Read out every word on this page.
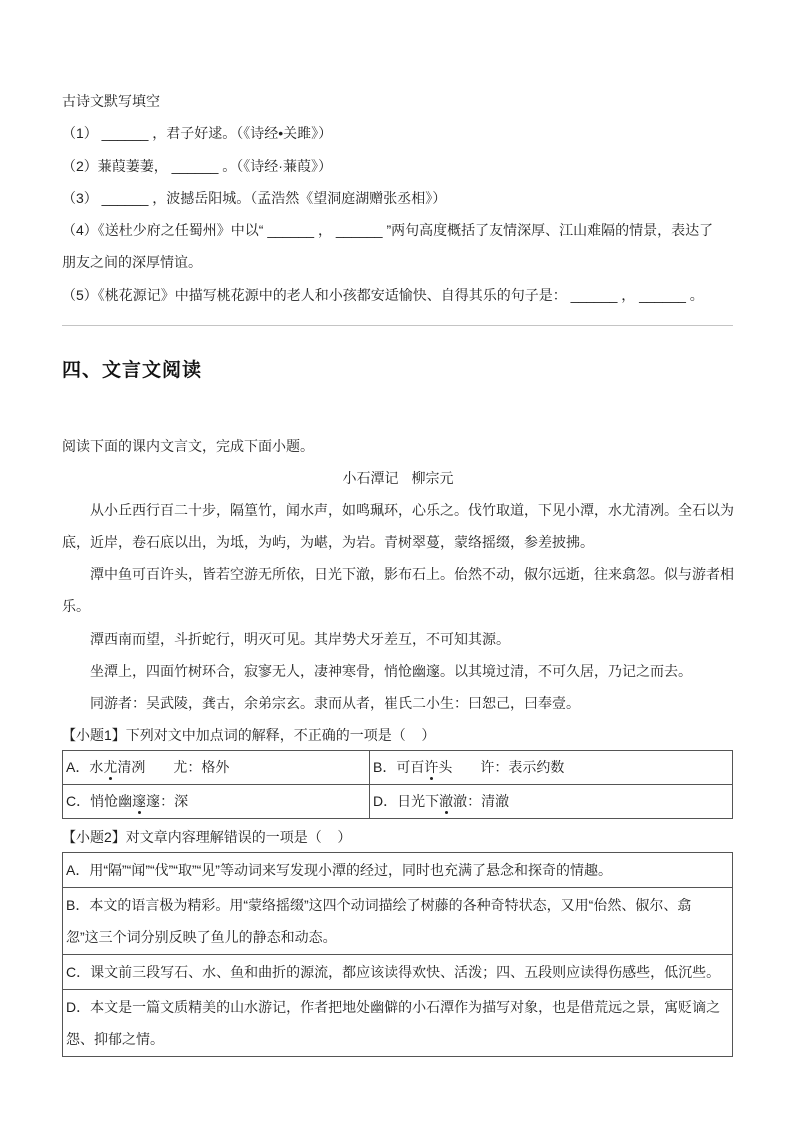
古诗文默写填空
（1） ______ ，君子好逑。（《诗经•关雎》）
（2）蒹葭萋萋， ______ 。（《诗经·蒹葭》）
（3） ______ ，波撼岳阳城。（孟浩然《望洞庭湖赠张丞相》）
（4）《送杜少府之任蜀州》中以“ ______ ， ______ ”两句高度概括了友情深厚、江山难隔的情景，表达了
朋友之间的深厚情谊。
（5）《桃花源记》中描写桃花源中的老人和小孩都安适愉快、自得其乐的句子是： ______ ， ______ 。
四、文言文阅读
阅读下面的课内文言文，完成下面小题。
小石潭记 柳宗元
从小丘西行百二十步，隔篁竹，闻水声，如鸣珮环，心乐之。伐竹取道，下见小潭，水尤清冽。全石以为
底，近岸，卷石底以出，为坻，为屿，为嵁，为岩。青树翠蔓，蒙络摇缀，参差披拂。
潭中鱼可百许头，皆若空游无所依，日光下澈，影布石上。佁然不动，俶尔远逝，往来翕忽。似与游者相
乐。
潭西南而望，斗折蛇行，明灭可见。其岸势犬牙差互，不可知其源。
坐潭上，四面竹树环合，寂寥无人，凄神寒骨，悄怆幽邃。以其境过清，不可久居，乃记之而去。
同游者：吴武陵，龚古，余弟宗玄。隶而从者，崔氏二小生：曰恕己，曰奉壹。
【小题1】下列对文中加点词的解释，不正确的一项是（    ）
A．水尤清冽 尤：格外	B．可百许头 许：表示约数
C．悄怆幽邃邃：深	D．日光下澈澈：清澈
【小题2】对文章内容理解错误的一项是（    ）
A．用“隔”“闻”“伐”“取”“见”等动词来写发现小潭的经过，同时也充满了悬念和探奇的情趣。
B．本文的语言极为精彩。用“蒙络摇缀”这四个动词描绘了树藤的各种奇特状态，又用“佁然、俶尔、翕
忽”这三个词分别反映了鱼儿的静态和动态。
C．课文前三段写石、水、鱼和曲折的源流，都应该读得欢快、活泼；四、五段则应读得伤感些，低沉些。
D．本文是一篇文质精美的山水游记，作者把地处幽僻的小石潭作为描写对象，也是借荒远之景，寓贬谪之
怨、抑郁之情。
